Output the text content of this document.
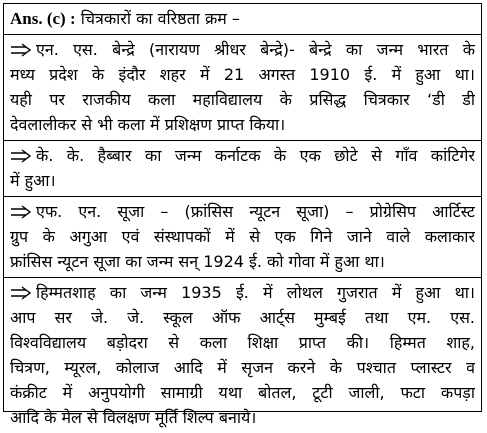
Ans. (c) : चित्रकारों का वरिष्ठता क्रम –
एन. एस. बेन्द्रे (नारायण श्रीधर बेन्द्रे)- बेन्द्रे का जन्म भारत के
मध्य प्रदेश के इंदौर शहर में 21 अगस्त 1910 ई. में हुआ था।
यही पर राजकीय कला महाविद्यालय के प्रसिद्ध चित्रकार ‘डी डी
देवलालीकर से भी कला में प्रशिक्षण प्राप्त किया।
के. के. हैब्बार का जन्म कर्नाटक के एक छोटे से गाँव कांटिगेर
में हुआ।
एफ. एन. सूजा – (फ्रांसिस न्यूटन सूजा) – प्रोग्रेसिप आर्टिस्ट
ग्रुप के अगुआ एवं संस्थापकों में से एक गिने जाने वाले कलाकार
फ्रांसिस न्यूटन सूजा का जन्म सन् 1924 ई. को गोवा में हुआ था।
हिम्मतशाह का जन्म 1935 ई. में लोथल गुजरात में हुआ था।
आप सर जे. जे. स्कूल ऑफ आर्ट्स मुम्बई तथा एम. एस.
विश्वविद्यालय बड़ोदरा से कला शिक्षा प्राप्त की। हिम्मत शाह,
चित्रण, म्यूरल, कोलाज आदि में सृजन करने के पश्चात प्लास्टर व
कंक्रीट में अनुपयोगी सामाग्री यथा बोतल, टूटी जाली, फटा कपड़ा
आदि के मेल से विलक्षण मूर्ति शिल्प बनाये।
